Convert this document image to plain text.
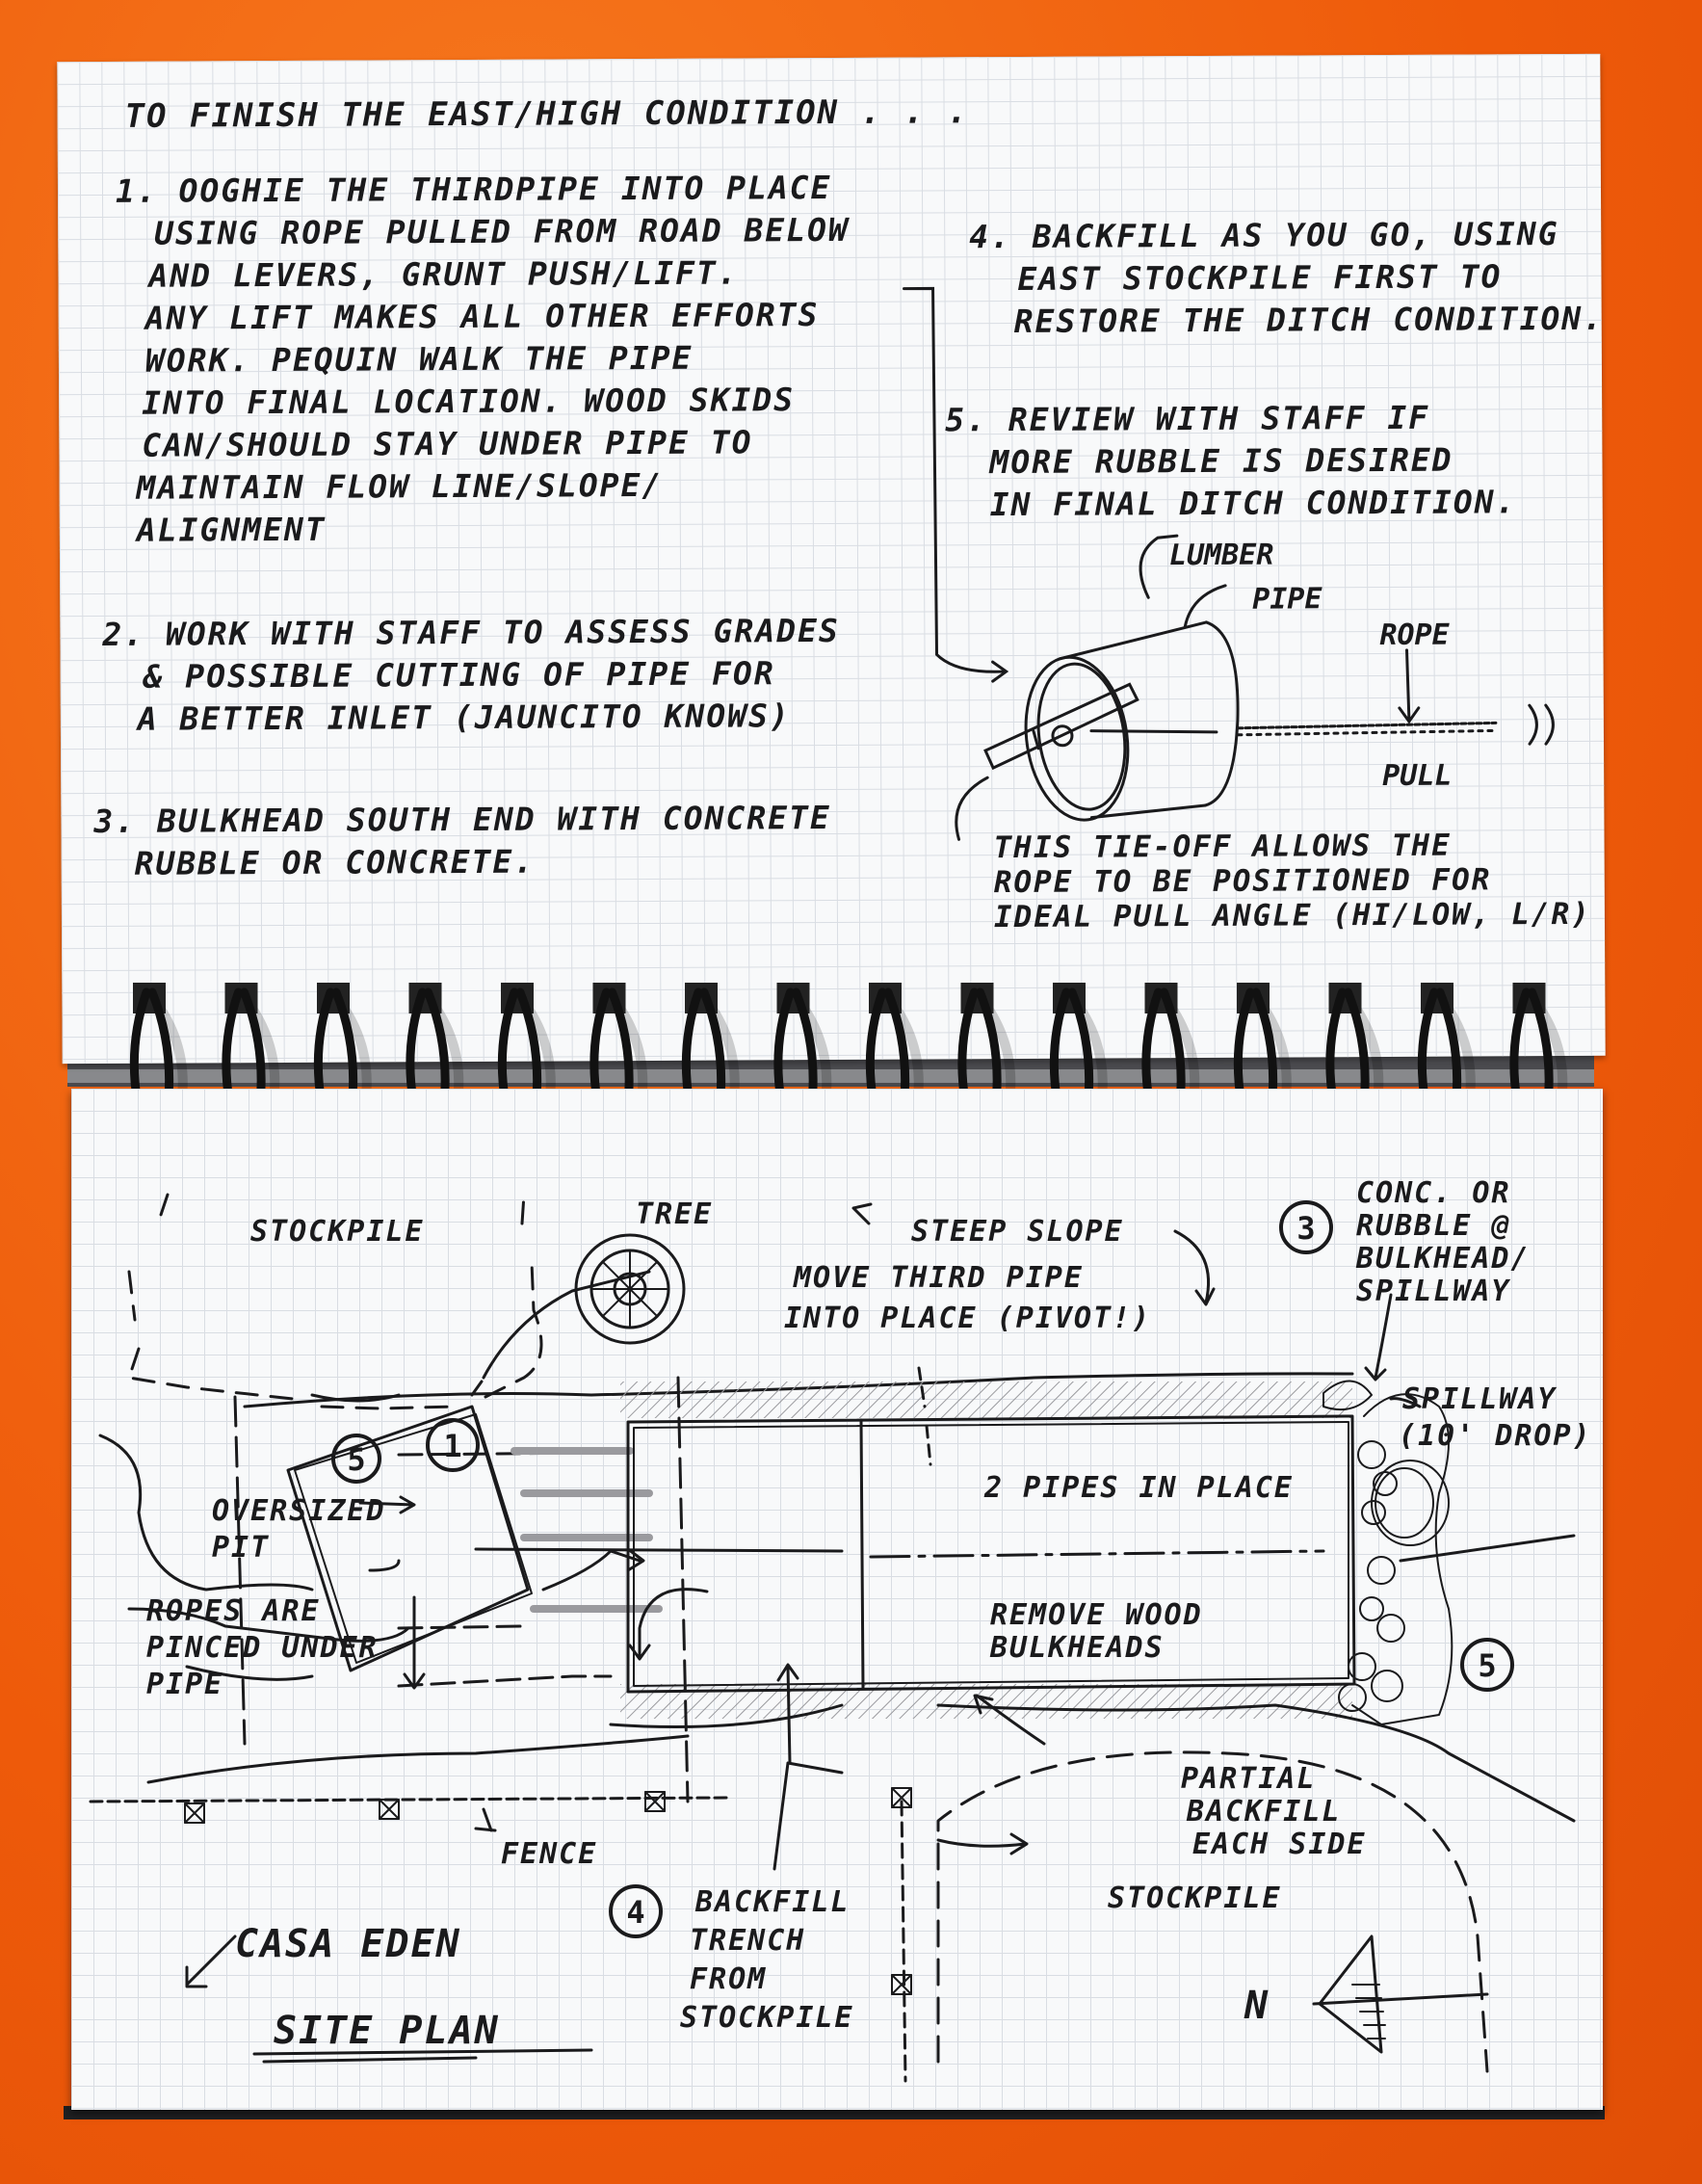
TO FINISH THE EAST/HIGH CONDITION . . .
1. OOGHIE THE THIRDPIPE INTO PLACE
USING ROPE PULLED FROM ROAD BELOW
AND LEVERS, GRUNT PUSH/LIFT.
ANY LIFT MAKES ALL OTHER EFFORTS
WORK. PEQUIN WALK THE PIPE
INTO FINAL LOCATION. WOOD SKIDS
CAN/SHOULD STAY UNDER PIPE TO
MAINTAIN FLOW LINE/SLOPE/
ALIGNMENT
2. WORK WITH STAFF TO ASSESS GRADES
& POSSIBLE CUTTING OF PIPE FOR
A BETTER INLET (JAUNCITO KNOWS)
3. BULKHEAD SOUTH END WITH CONCRETE
RUBBLE OR CONCRETE.
4. BACKFILL AS YOU GO, USING
EAST STOCKPILE FIRST TO
RESTORE THE DITCH CONDITION.
5. REVIEW WITH STAFF IF
MORE RUBBLE IS DESIRED
IN FINAL DITCH CONDITION.
LUMBER
PIPE
ROPE
PULL
THIS TIE-OFF ALLOWS THE
ROPE TO BE POSITIONED FOR
IDEAL PULL ANGLE (HI/LOW, L/R)
5	1
3
5
4
STOCKPILE
TREE
STEEP SLOPE
MOVE THIRD PIPE
INTO PLACE (PIVOT!)
CONC. OR
RUBBLE @
BULKHEAD/
SPILLWAY
SPILLWAY
(10' DROP)
OVERSIZED
PIT
2 PIPES IN PLACE
ROPES ARE
PINCED UNDER
PIPE
REMOVE WOOD
BULKHEADS
PARTIAL
BACKFILL
EACH SIDE
FENCE
BACKFILL
TRENCH
FROM
STOCKPILE
STOCKPILE
CASA EDEN
SITE PLAN
N
